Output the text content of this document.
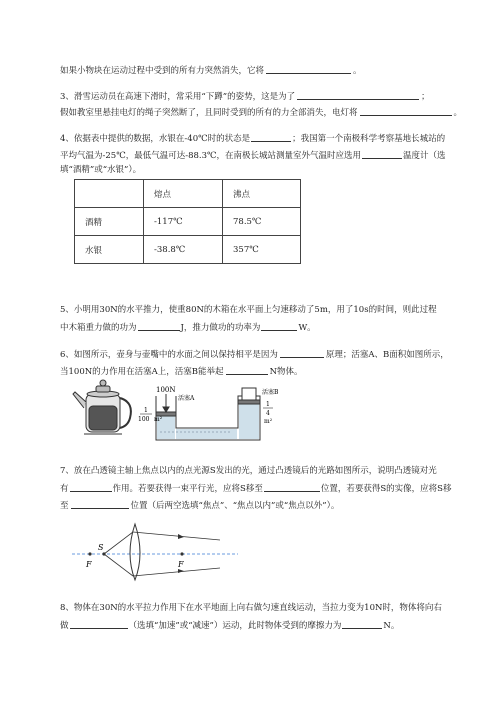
如果小物块在运动过程中受到的所有力突然消失，它将	。
3、滑雪运动员在高速下滑时，常采用“下蹲”的姿势，这是为了	；
假如教室里悬挂电灯的绳子突然断了，且同时受到的所有的力全部消失，电灯将	。
4、依据表中提供的数据，水银在-40℃时的状态是	；我国第一个南极科学考察基地长城站的
平均气温为-25℃，最低气温可达-88.3℃，在南极长城站测量室外气温时应选用	温度计（选
填“酒精”或“水银”）。
	熔点	沸点
酒精	-117℃	78.5℃
水银	-38.8℃	357℃
5、小明用30N的水平推力，使重80N的木箱在水平面上匀速移动了5m，用了10s的时间，则此过程
中木箱重力做的功为	J，推力做功的功率为	W。
6、如图所示，壶身与壶嘴中的水面之间以保持相平是因为	原理；活塞A、B面积如图所示，
当100N的力作用在活塞A上，活塞B能举起	N物体。
100N
活塞A
1
100 m²
活塞B
1
4
m²
7、放在凸透镜主轴上焦点以内的点光源S发出的光，通过凸透镜后的光路如图所示，说明凸透镜对光
有	作用。若要获得一束平行光，应将S移至	位置，若要获得S的实像，应将S移
至	位置（后两空选填“焦点”、“焦点以内”或“焦点以外”）。
S
F	F
8、物体在30N的水平拉力作用下在水平地面上向右做匀速直线运动，当拉力变为10N时，物体将向右
做	（选填“加速”或“减速”）运动，此时物体受到的摩擦力为	N。
